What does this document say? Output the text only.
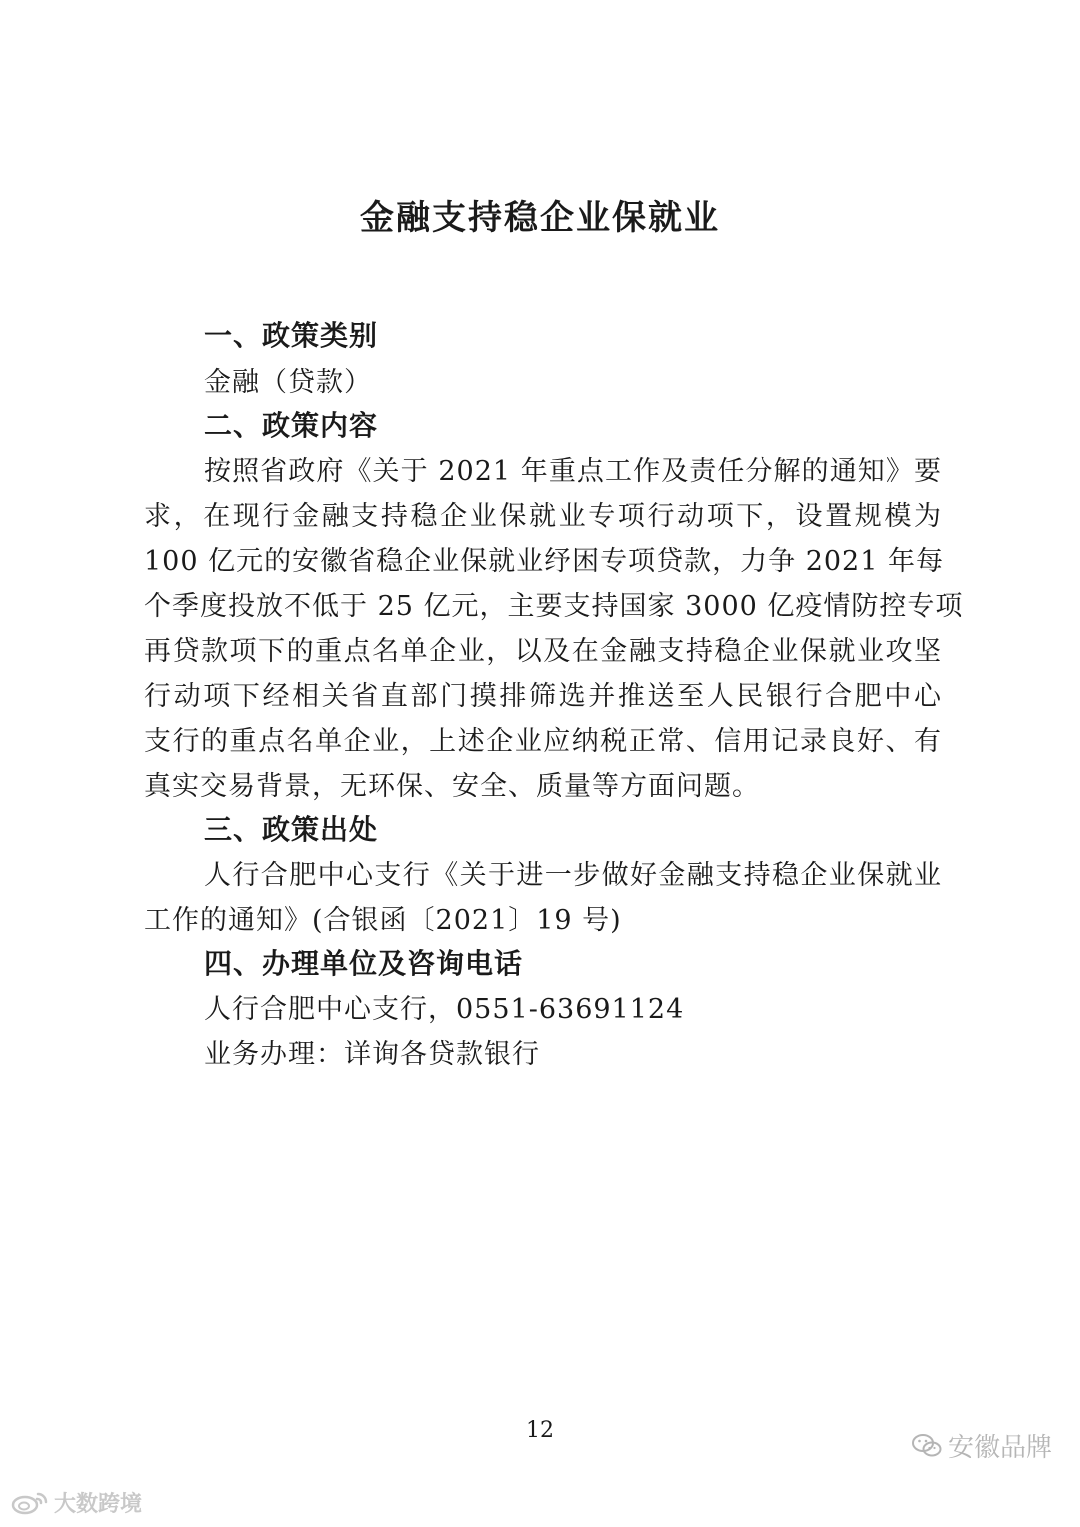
金融支持稳企业保就业
一、政策类别
金融（贷款）
二、政策内容
按照省政府《关于 2021 年重点工作及责任分解的通知》要
求，在现行金融支持稳企业保就业专项行动项下，设置规模为
100 亿元的安徽省稳企业保就业纾困专项贷款，力争 2021 年每
个季度投放不低于 25 亿元，主要支持国家 3000 亿疫情防控专项
再贷款项下的重点名单企业，以及在金融支持稳企业保就业攻坚
行动项下经相关省直部门摸排筛选并推送至人民银行合肥中心
支行的重点名单企业，上述企业应纳税正常、信用记录良好、有
真实交易背景，无环保、安全、质量等方面问题。
三、政策出处
人行合肥中心支行《关于进一步做好金融支持稳企业保就业
工作的通知》(合银函〔2021〕19 号)
四、办理单位及咨询电话
人行合肥中心支行，0551-63691124
业务办理：详询各贷款银行
12
安徽品牌
大数跨境
